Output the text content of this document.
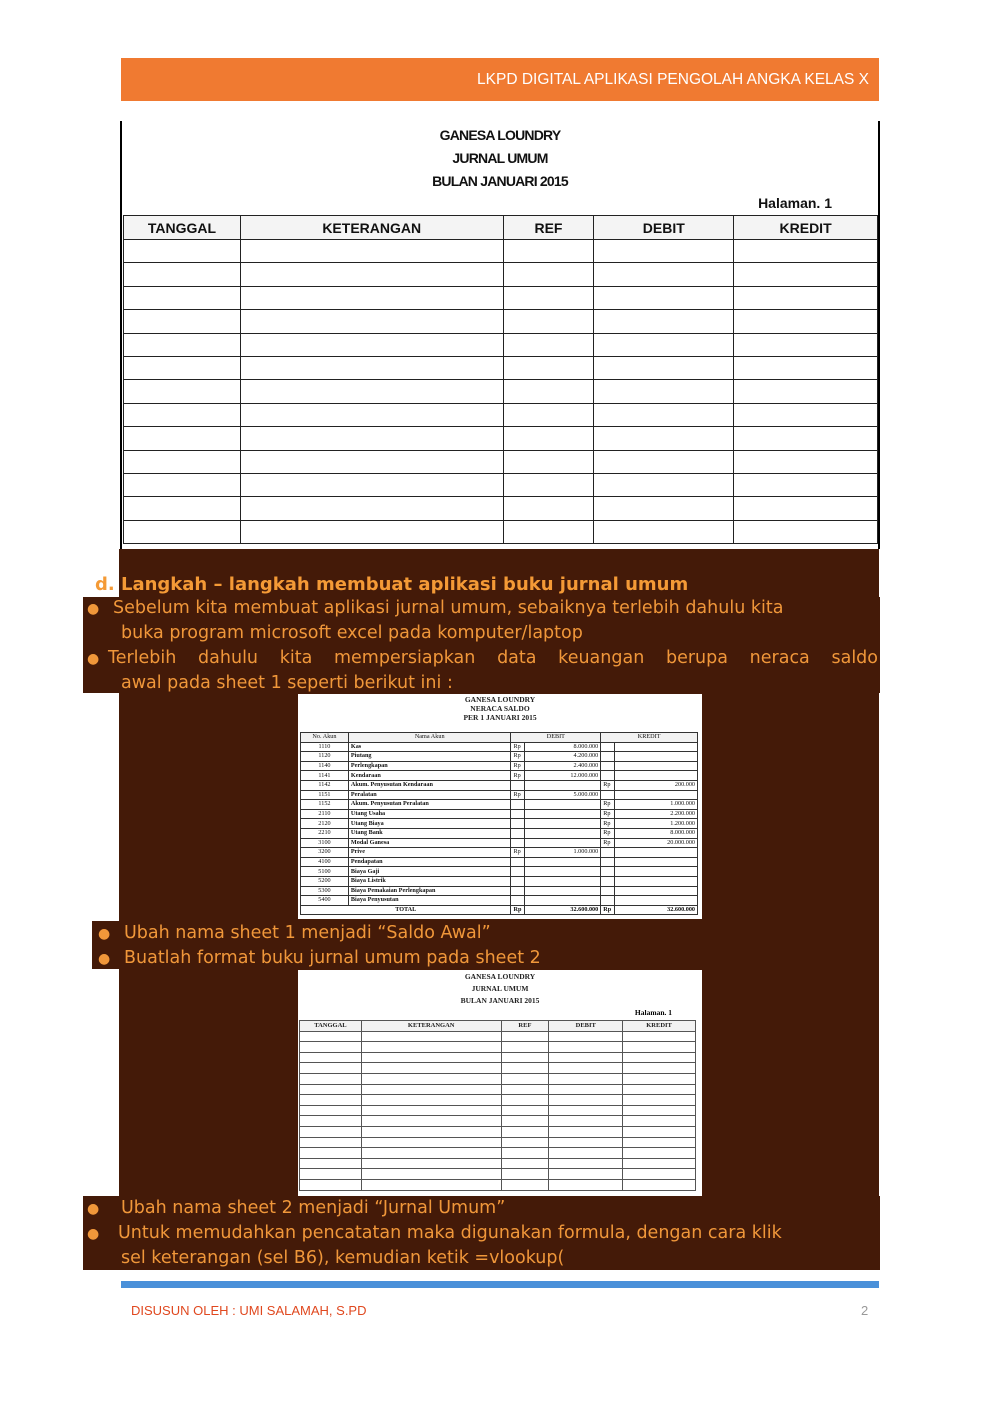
LKPD DIGITAL APLIKASI PENGOLAH ANGKA KELAS X
GANESA LOUNDRY
JURNAL UMUM
BULAN JANUARI 2015
Halaman. 1
TANGGAL	KETERANGAN	REF	DEBIT	KREDIT

d. Langkah – langkah membuat aplikasi buku jurnal umum
● Sebelum kita membuat aplikasi jurnal umum, sebaiknya terlebih dahulu kita
buka program microsoft excel pada komputer/laptop
● Terlebih dahulu kita mempersiapkan data keuangan berupa neraca saldo
awal pada sheet 1 seperti berikut ini :
GANESA LOUNDRY
NERACA SALDO
PER 1 JANUARI 2015
No. Akun	Nama Akun	DEBIT		KREDIT	
1110	Kas	Rp	8.000.000		
1120	Piutang	Rp	4.200.000		
1140	Perlengkapan	Rp	2.400.000		
1141	Kendaraan	Rp	12.000.000		
1142	Akum. Penyusutan Kendaraan			Rp	200.000
1151	Peralatan	Rp	5.000.000		
1152	Akum. Penyusutan Peralatan			Rp	1.000.000
2110	Utang Usaha			Rp	2.200.000
2120	Utang Biaya			Rp	1.200.000
2210	Utang Bank			Rp	8.000.000
3100	Modal Ganesa			Rp	20.000.000
3200	Prive	Rp	1.000.000		
4100	Pendapatan				
5100	Biaya Gaji				
5200	Biaya Listrik				
5300	Biaya Pemakaian Perlengkapan				
5400	Biaya Penyusutan				
TOTAL		Rp	32.600.000	Rp	32.600.000
● Ubah nama sheet 1 menjadi “Saldo Awal”
● Buatlah format buku jurnal umum pada sheet 2
GANESA LOUNDRY
JURNAL UMUM
BULAN JANUARI 2015
Halaman. 1
TANGGAL	KETERANGAN	REF	DEBIT	KREDIT

● Ubah nama sheet 2 menjadi “Jurnal Umum”
● Untuk memudahkan pencatatan maka digunakan formula, dengan cara klik
sel keterangan (sel B6), kemudian ketik =vlookup(
DISUSUN OLEH : UMI SALAMAH, S.PD	2
